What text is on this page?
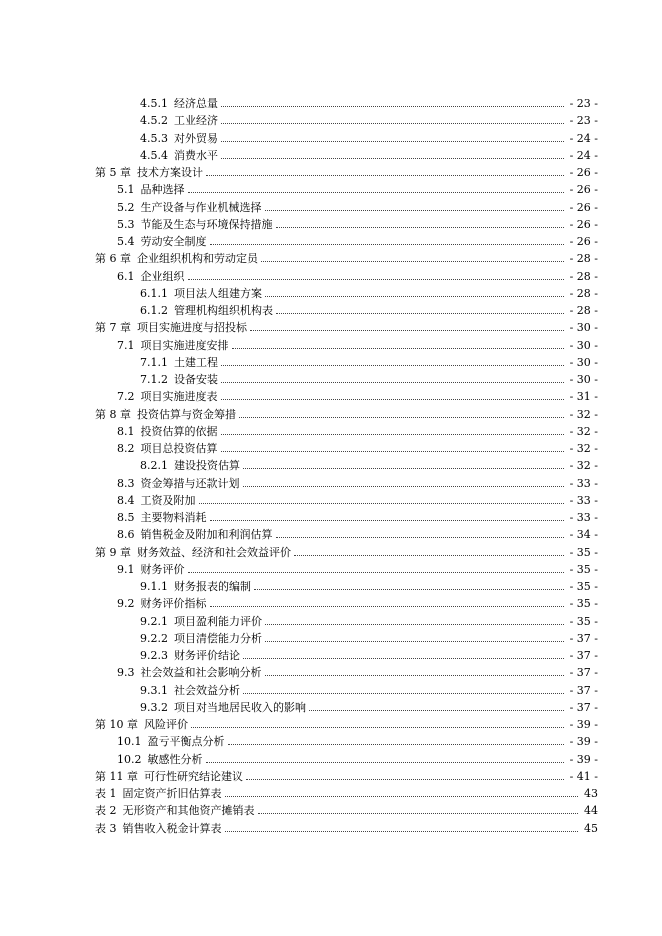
4.5.1 经济总量	- 23 -
4.5.2 工业经济	- 23 -
4.5.3 对外贸易	- 24 -
4.5.4 消费水平	- 24 -
第 5 章 技术方案设计	- 26 -
5.1 品种选择	- 26 -
5.2 生产设备与作业机械选择	- 26 -
5.3 节能及生态与环境保持措施	- 26 -
5.4 劳动安全制度	- 26 -
第 6 章 企业组织机构和劳动定员	- 28 -
6.1 企业组织	- 28 -
6.1.1 项目法人组建方案	- 28 -
6.1.2 管理机构组织机构表	- 28 -
第 7 章 项目实施进度与招投标	- 30 -
7.1 项目实施进度安排	- 30 -
7.1.1 土建工程	- 30 -
7.1.2 设备安装	- 30 -
7.2 项目实施进度表	- 31 -
第 8 章 投资估算与资金筹措	- 32 -
8.1 投资估算的依据	- 32 -
8.2 项目总投资估算	- 32 -
8.2.1 建设投资估算	- 32 -
8.3 资金筹措与还款计划	- 33 -
8.4 工资及附加	- 33 -
8.5 主要物料消耗	- 33 -
8.6 销售税金及附加和利润估算	- 34 -
第 9 章 财务效益、经济和社会效益评价	- 35 -
9.1 财务评价	- 35 -
9.1.1 财务报表的编制	- 35 -
9.2 财务评价指标	- 35 -
9.2.1 项目盈利能力评价	- 35 -
9.2.2 项目清偿能力分析	- 37 -
9.2.3 财务评价结论	- 37 -
9.3 社会效益和社会影响分析	- 37 -
9.3.1 社会效益分析	- 37 -
9.3.2 项目对当地居民收入的影响	- 37 -
第 10 章 风险评价	- 39 -
10.1 盈亏平衡点分析	- 39 -
10.2 敏感性分析	- 39 -
第 11 章 可行性研究结论建议	- 41 -
表 1 固定资产折旧估算表	43
表 2 无形资产和其他资产摊销表	44
表 3 销售收入税金计算表	45
